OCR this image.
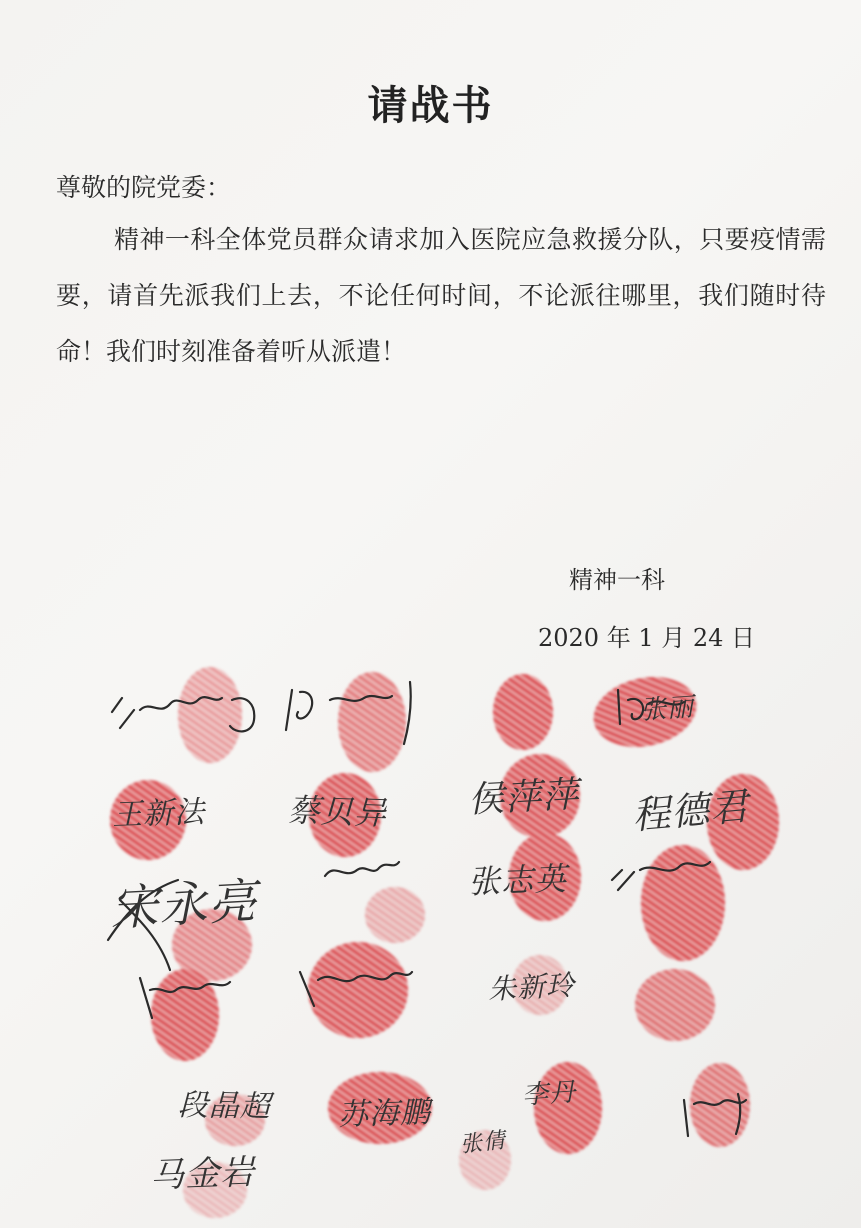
请战书
尊敬的院党委：
精神一科全体党员群众请求加入医院应急救援分队，只要疫情需要，请首先派我们上去，不论任何时间，不论派往哪里，我们随时待命！我们时刻准备着听从派遣！
精神一科
2020 年 1 月 24 日
张丽
王新法	蔡贝异 侯萍萍 程德君
宋永亮	张志英
朱新玲
段晶超 苏海鹏
李丹
马金岩
张倩
